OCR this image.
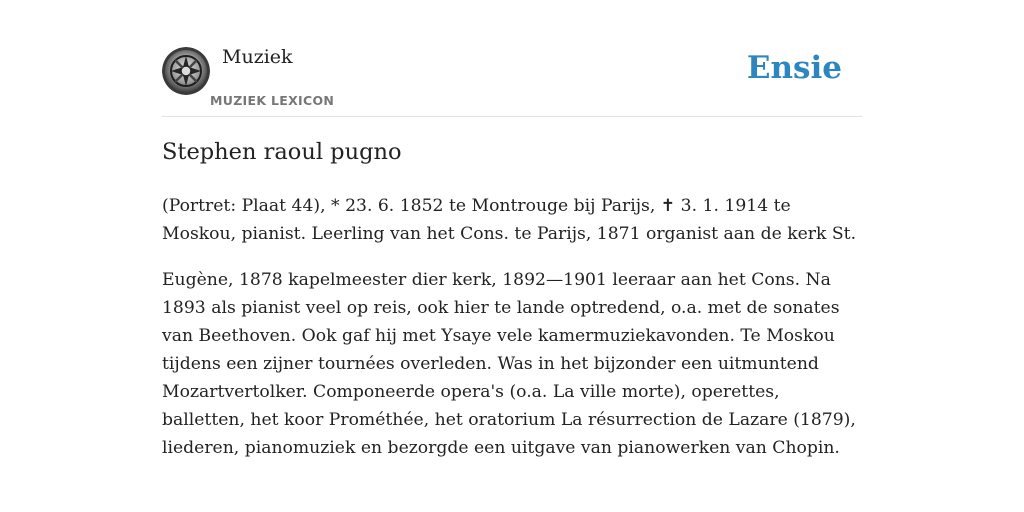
Muziek
MUZIEK LEXICON
Ensie
Stephen raoul pugno

(Portret: Plaat 44), * 23. 6. 1852 te Montrouge bij Parijs, ✝ 3. 1. 1914 te Moskou, pianist. Leerling van het Cons. te Parijs, 1871 organist aan de kerk St.

Eugène, 1878 kapelmeester dier kerk, 1892—1901 leeraar aan het Cons. Na 1893 als pianist veel op reis, ook hier te lande optredend, o.a. met de sonates van Beethoven. Ook gaf hij met Ysaye vele kamermuziekavonden. Te Moskou tijdens een zijner tournées overleden. Was in het bijzonder een uitmuntend Mozartvertolker. Componeerde opera's (o.a. La ville morte), operettes, balletten, het koor Prométhée, het oratorium La résurrection de Lazare (1879), liederen, pianomuziek en bezorgde een uitgave van pianowerken van Chopin.
